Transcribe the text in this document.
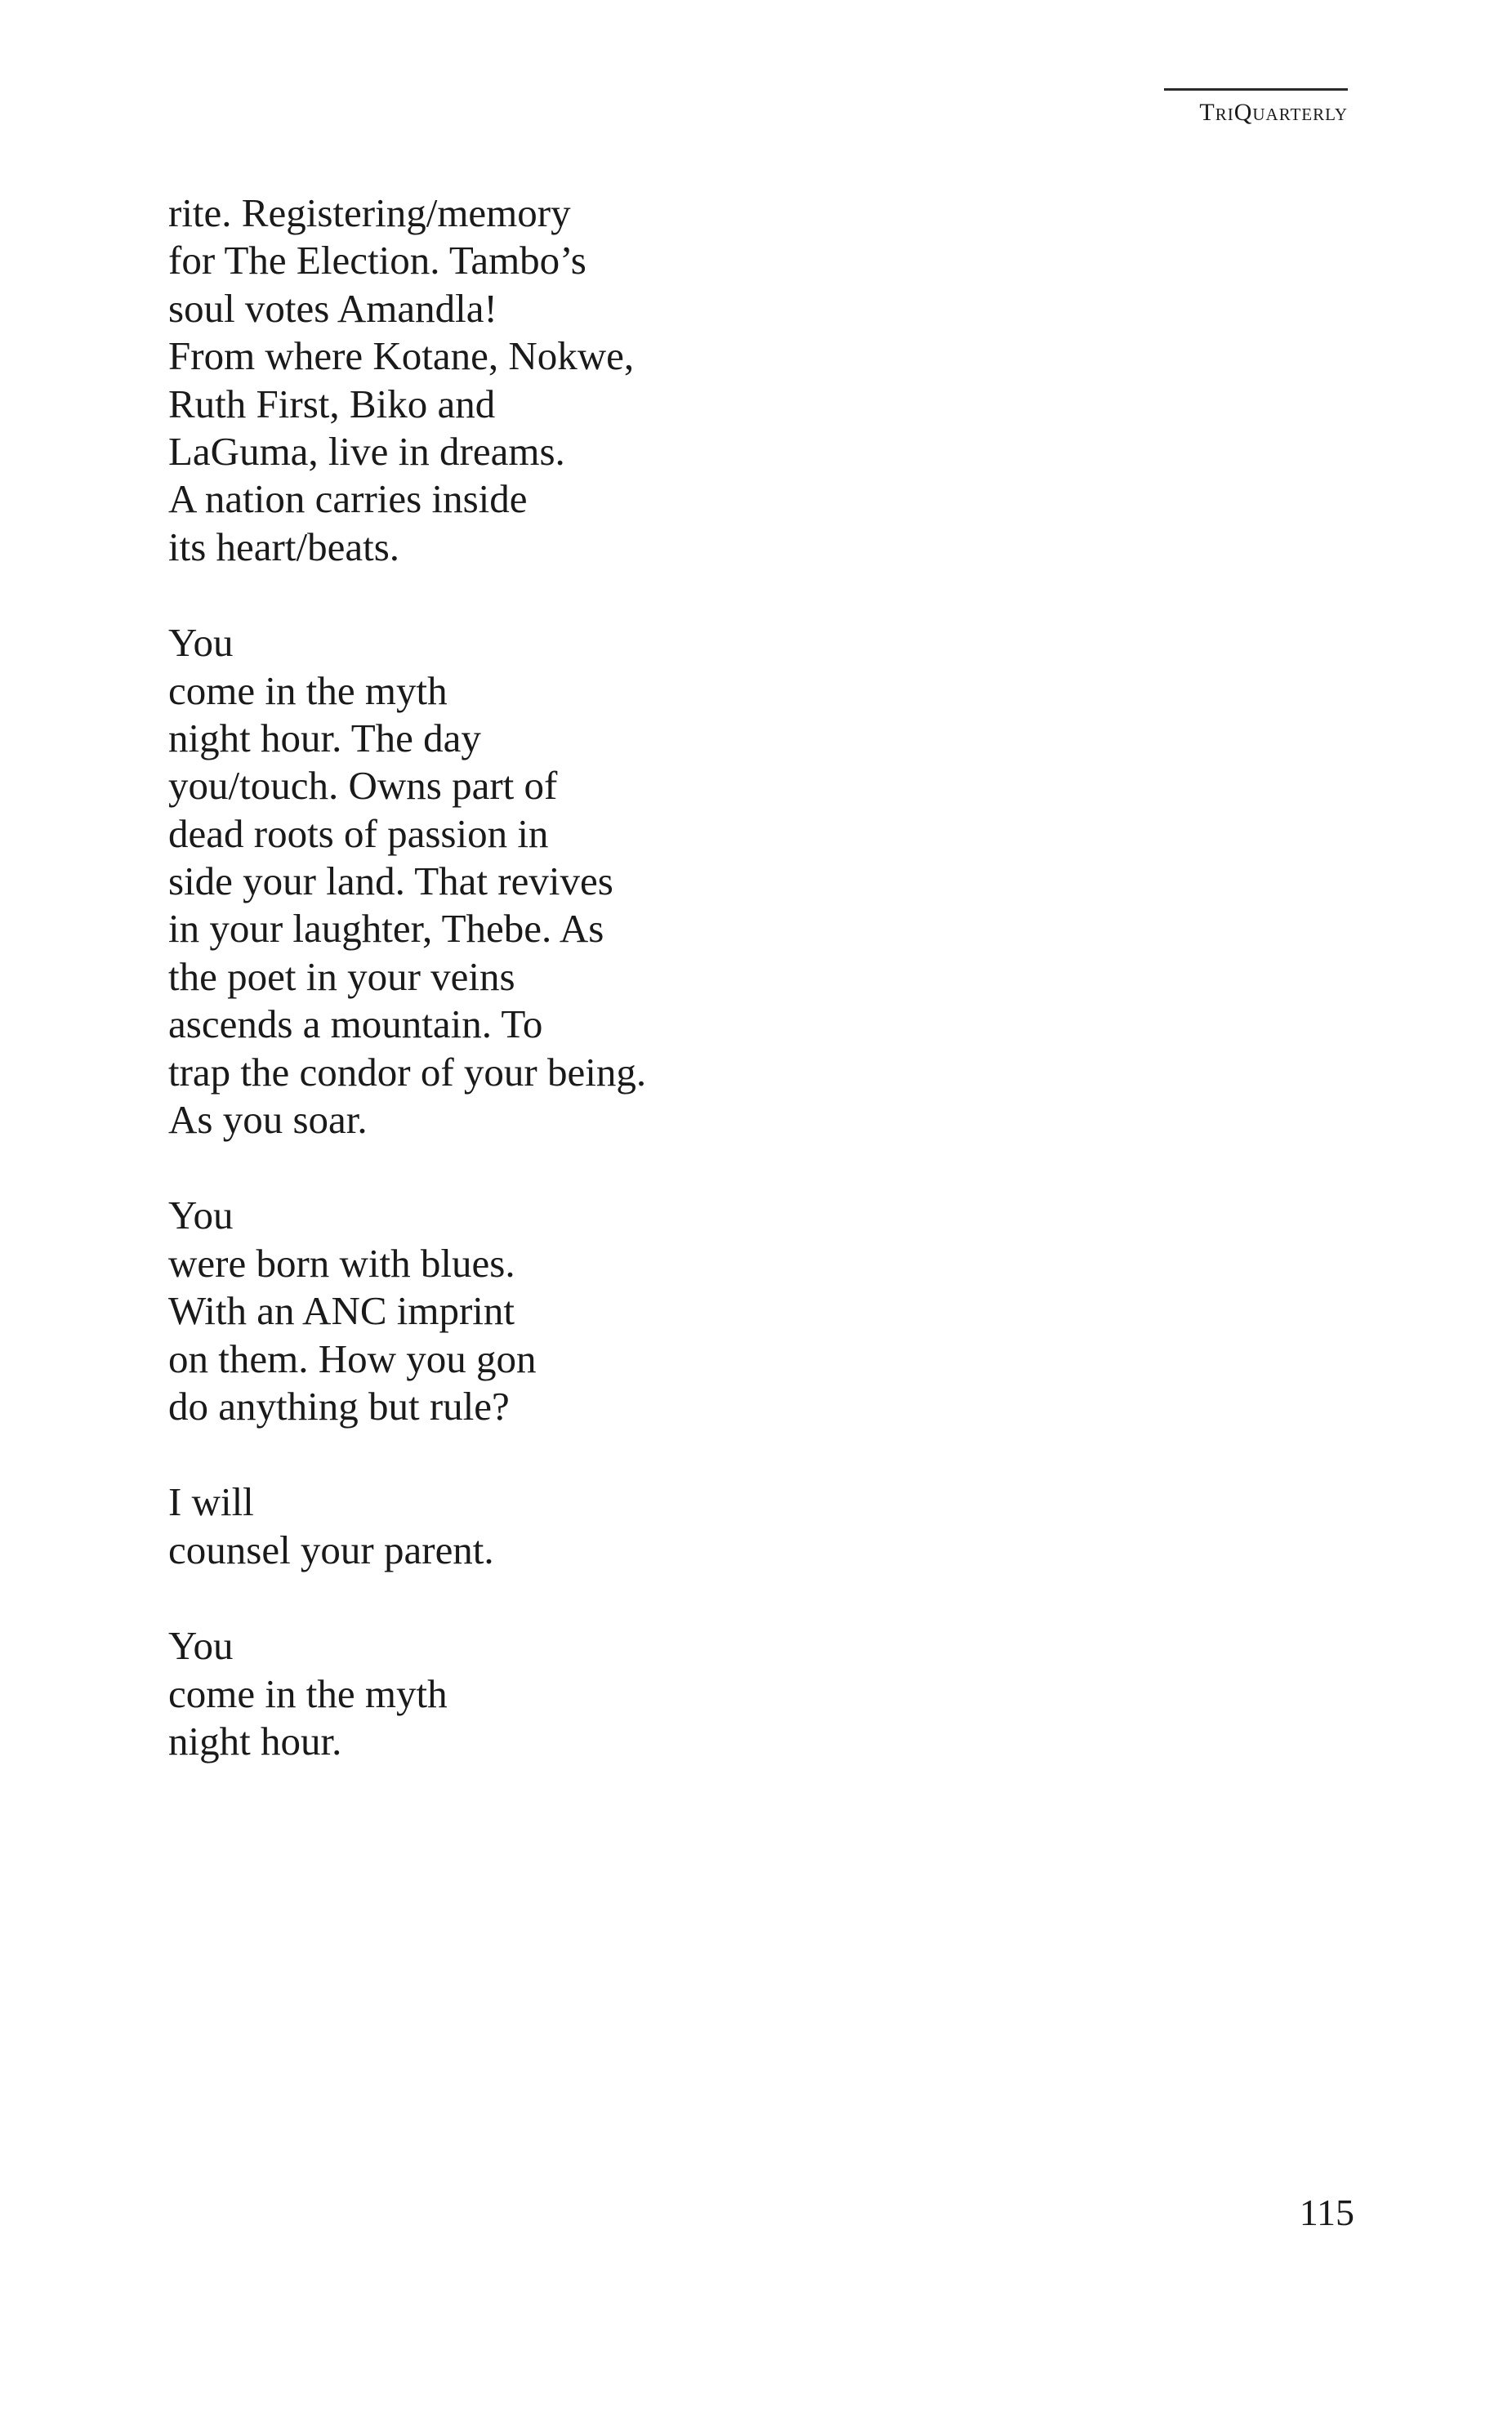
TriQuarterly
rite. Registering/memory
for The Election. Tambo’s
soul votes Amandla!
From where Kotane, Nokwe,
Ruth First, Biko and
LaGuma, live in dreams.
A nation carries inside
its heart/beats.
You
come in the myth
night hour. The day
you/touch. Owns part of
dead roots of passion in
side your land. That revives
in your laughter, Thebe. As
the poet in your veins
ascends a mountain. To
trap the condor of your being.
As you soar.
You
were born with blues.
With an ANC imprint
on them. How you gon
do anything but rule?
I will
counsel your parent.
You
come in the myth
night hour.
115
